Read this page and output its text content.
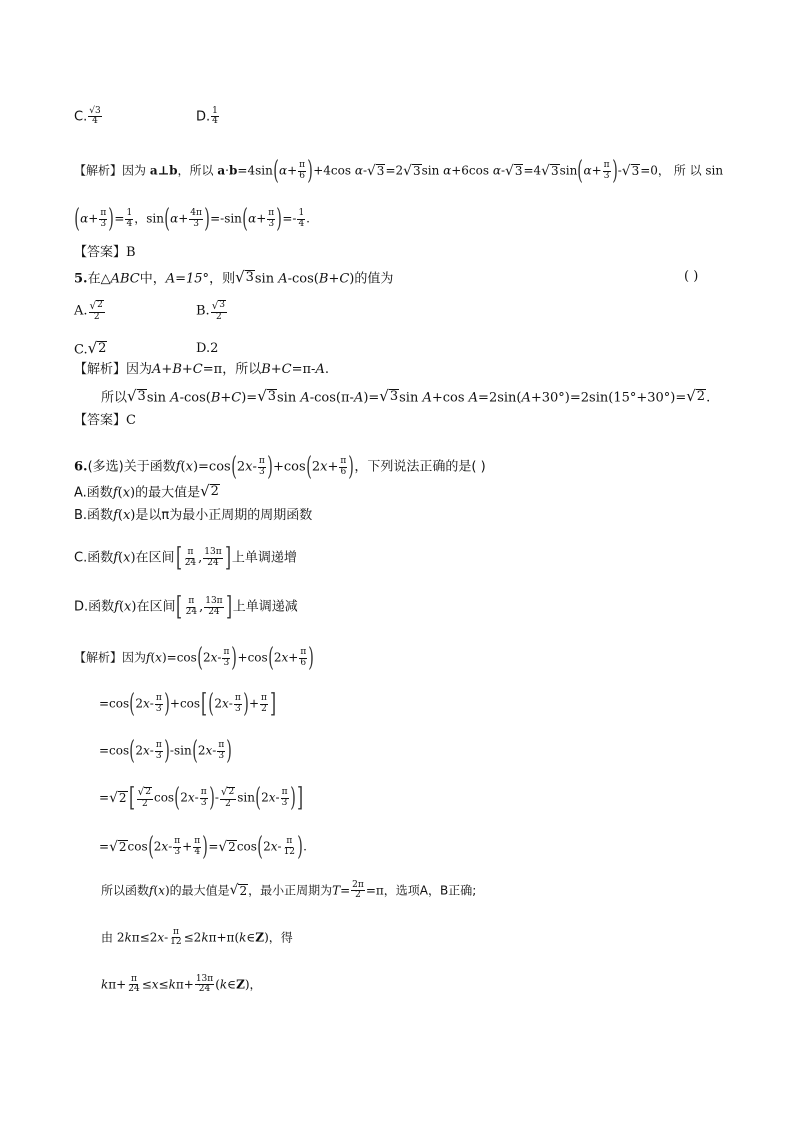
C. $\frac{√3}{4}$	D. $\frac{1}{4}$
【解析】因为 a⊥b，所以 $a\cdot b=4\sin(\alpha+ \frac{\pi}{6} )+4\cos$ α- √ 3 =2 √ 3 sin α+6cos α- √ 3 =4 √ 3 $\sin(\alpha+ \frac{\pi}{3}$ )- √ 3 =0， 所 以 sin
($\alpha+ \frac{\pi}{3}$ )= $\frac{1}{4}$ ，$\sin(\alpha+ \frac{4\pi}{3} )=-\sin(\alpha+ \frac{\pi}{3}$ )=- $\frac{1}{4}$ .
【答案】B
5.在△ABC中，A=15°，则 √ 3 sin A-cos(B+C)的值为	( )
A. $\frac{√ 2}{2}$	B. $\frac{√ 3}{2}$
C. √ 2	D.2
【解析】因为A+B+C=π，所以B+C=π-A.
所以 √ 3 sin A-cos(B+C)= √ 3 sin A-cos(π-A)= √ 3 sin A+cos A=2sin(A+30°)=2sin(15°+30°)= √ 2 .
【答案】C
6.(多选)关于函数$f(x)=\cos(2x- \frac{\pi}{3} )+\cos(2x+ \frac{\pi}{6}$ )，下列说法正确的是( )
A.函数f(x)的最大值是 √ 2
B.函数f(x)是以π为最小正周期的周期函数
C.函数f(x)在区间[ $\frac{\pi}{24}$ , $\frac{13\pi}{24}$ ]上单调递增
D.函数f(x)在区间[ $\frac{\pi}{24}$ , $\frac{13\pi}{24}$ ]上单调递减
【解析】因为$f(x)=\cos(2x- \frac{\pi}{3} )+\cos(2x+ \frac{\pi}{6}$ )
$=\cos(2x- \frac{\pi}{3} )+\cos[(2x- \frac{\pi}{3}$ )+ $\frac{\pi}{2}$ ]
$=\cos(2x- \frac{\pi}{3} )-\sin(2x- \frac{\pi}{3}$ )
= √ 2 [ $\frac{√ 2}{2} \cos(2x- \frac{\pi}{3}$ )- $\frac{√ 2}{2} \sin(2x- \frac{\pi}{3}$ )]
= √ 2 $\cos(2x- \frac{\pi}{3} + \frac{\pi}{4}$ )= √ 2 $\cos(2x- \frac{\pi}{12}$ ).
所以函数f(x)的最大值是 √ 2 ，最小正周期为$T= \frac{2\pi}{2} =\pi$，选项A，B正确;
由 $2k\pi\le 2x- \frac{\pi}{12}$ ≤2kπ+π(k∈Z)，得
$k\pi+ \frac{\pi}{24} \le x\le k\pi+ \frac{13\pi}{24}$ (k∈Z)，
